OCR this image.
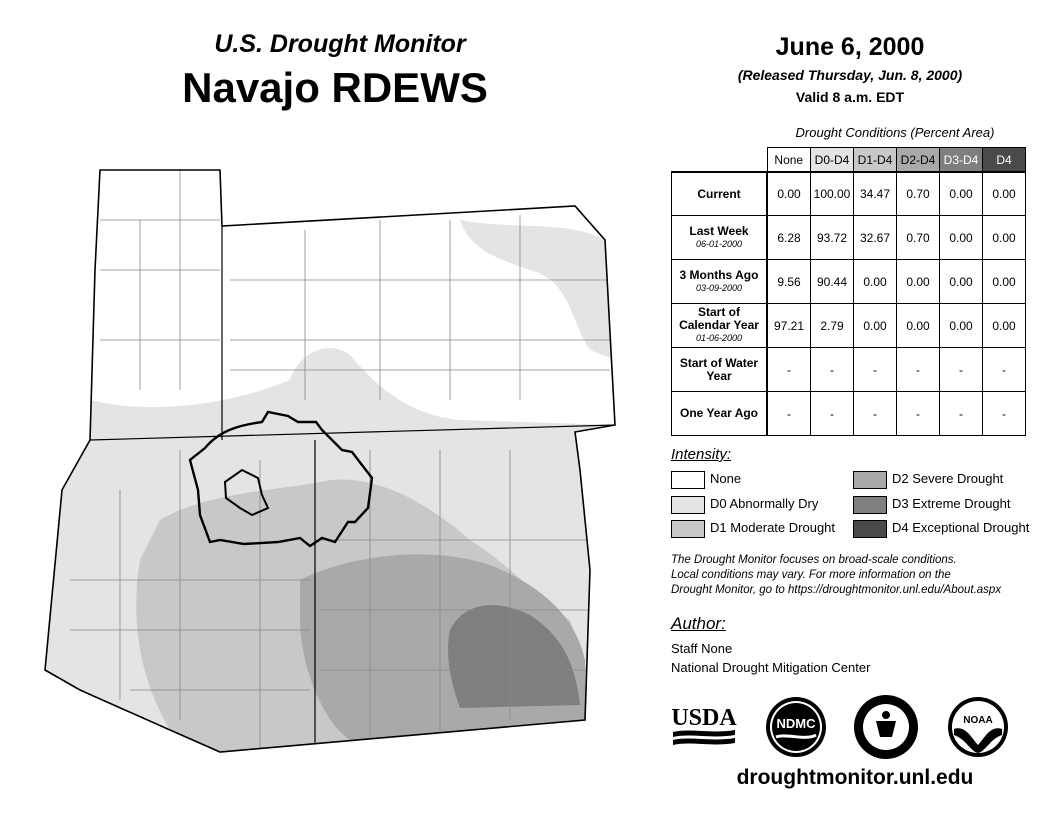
U.S. Drought Monitor
Navajo RDEWS
June 6, 2000
(Released Thursday, Jun. 8, 2000)
Valid 8 a.m. EDT
Drought Conditions (Percent Area)
	None	D0-D4	D1-D4	D2-D4	D3-D4	D4
Current	0.00	100.00	34.47	0.70	0.00	0.00
Last Week
06-01-2000	6.28	93.72	32.67	0.70	0.00	0.00
3 Months Ago
03-09-2000	9.56	90.44	0.00	0.00	0.00	0.00
Start of Calendar Year
01-06-2000	97.21	2.79	0.00	0.00	0.00	0.00
Start of Water Year	-	-	-	-	-	-
One Year Ago	-	-	-	-	-	-
Intensity:
None
D0 Abnormally Dry
D1 Moderate Drought
D2 Severe Drought
D3 Extreme Drought
D4 Exceptional Drought
The Drought Monitor focuses on broad-scale conditions.
Local conditions may vary. For more information on the
Drought Monitor, go to https://droughtmonitor.unl.edu/About.aspx
Author:
Staff None
National Drought Mitigation Center
USDA	NDMC	NOAA
droughtmonitor.unl.edu
